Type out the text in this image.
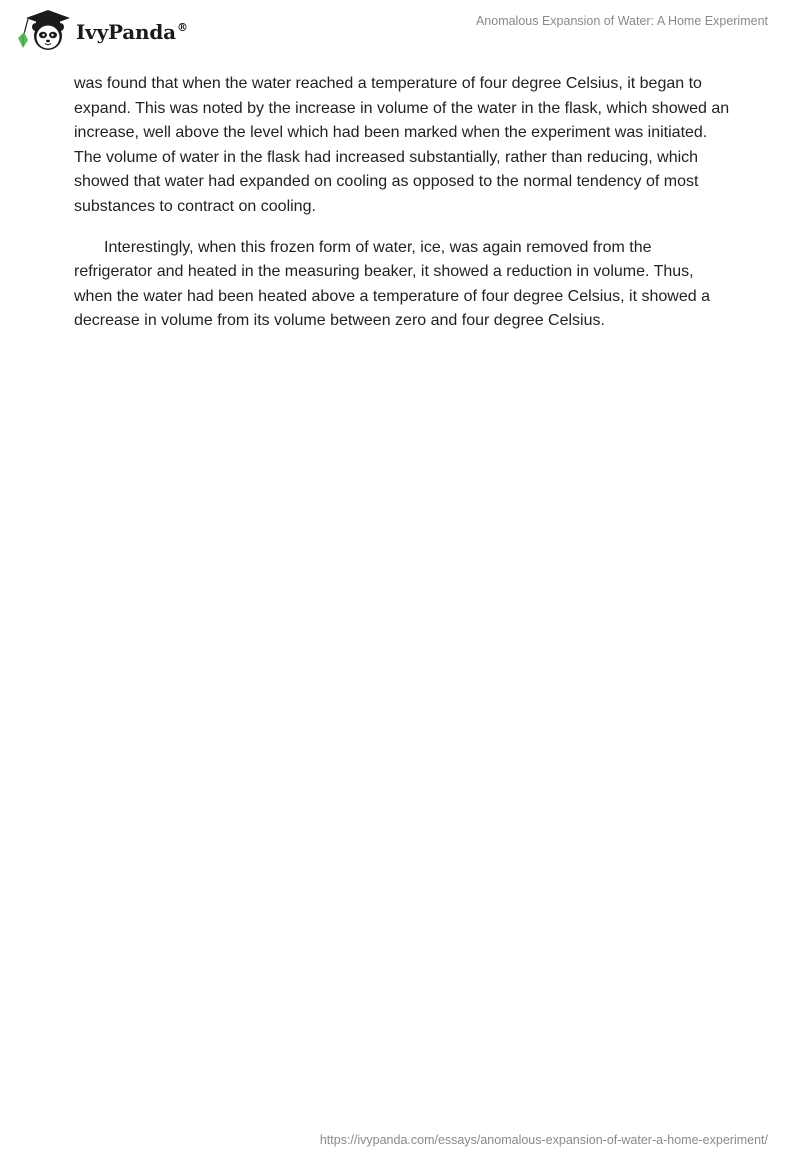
IvyPanda®	Anomalous Expansion of Water: A Home Experiment

was found that when the water reached a temperature of four degree Celsius, it began to expand. This was noted by the increase in volume of the water in the flask, which showed an increase, well above the level which had been marked when the experiment was initiated. The volume of water in the flask had increased substantially, rather than reducing, which showed that water had expanded on cooling as opposed to the normal tendency of most substances to contract on cooling.

Interestingly, when this frozen form of water, ice, was again removed from the refrigerator and heated in the measuring beaker, it showed a reduction in volume. Thus, when the water had been heated above a temperature of four degree Celsius, it showed a decrease in volume from its volume between zero and four degree Celsius.

https://ivypanda.com/essays/anomalous-expansion-of-water-a-home-experiment/
